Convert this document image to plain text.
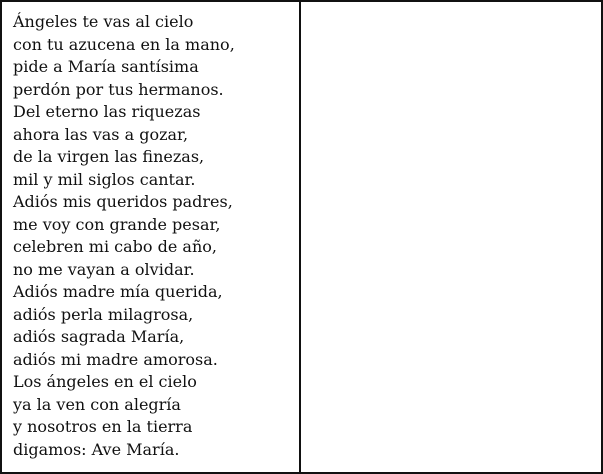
Ángeles te vas al cielo
con tu azucena en la mano,
pide a María santísima
perdón por tus hermanos.
Del eterno las riquezas
ahora las vas a gozar,
de la virgen las finezas,
mil y mil siglos cantar.
Adiós mis queridos padres,
me voy con grande pesar,
celebren mi cabo de año,
no me vayan a olvidar.
Adiós madre mía querida,
adiós perla milagrosa,
adiós sagrada María,
adiós mi madre amorosa.
Los ángeles en el cielo
ya la ven con alegría
y nosotros en la tierra
digamos: Ave María.
